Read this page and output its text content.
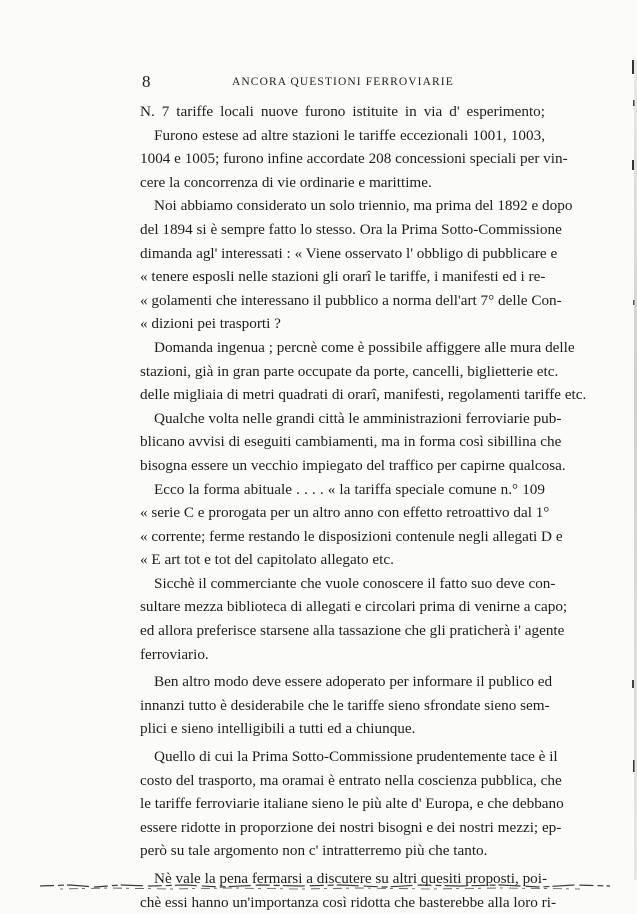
8	ANCORA QUESTIONI FERROVIARIE
N. 7 tariffe locali nuove furono istituite in via d' esperimento;
Furono estese ad altre stazioni le tariffe eccezionali 1001, 1003,
1004 e 1005; furono infine accordate 208 concessioni speciali per vin-
cere la concorrenza di vie ordinarie e marittime.
Noi abbiamo considerato un solo triennio, ma prima del 1892 e dopo
del 1894 si è sempre fatto lo stesso. Ora la Prima Sotto-Commissione
dimanda agl' interessati : « Viene osservato l' obbligo di pubblicare e
« tenere esposli nelle stazioni gli orarî le tariffe, i manifesti ed i re-
« golamenti che interessano il pubblico a norma dell'art 7° delle Con-
« dizioni pei trasporti ?
Domanda ingenua ; percnè come è possibile affiggere alle mura delle
stazioni, già in gran parte occupate da porte, cancelli, biglietterie etc.
delle migliaia di metri quadrati di orarî, manifesti, regolamenti tariffe etc.
Qualche volta nelle grandi città le amministrazioni ferroviarie pub-
blicano avvisi di eseguiti cambiamenti, ma in forma così sibillina che
bisogna essere un vecchio impiegato del traffico per capirne qualcosa.
Ecco la forma abituale . . . . « la tariffa speciale comune n.° 109
« serie C e prorogata per un altro anno con effetto retroattivo dal 1°
« corrente; ferme restando le disposizioni contenule negli allegati D e
« E art tot e tot del capitolato allegato etc.
Sicchè il commerciante che vuole conoscere il fatto suo deve con-
sultare mezza biblioteca di allegati e circolari prima di venirne a capo;
ed allora preferisce starsene alla tassazione che gli praticherà i' agente
ferroviario.
Ben altro modo deve essere adoperato per informare il publico ed
innanzi tutto è desiderabile che le tariffe sieno sfrondate sieno sem-
plici e sieno intelligibili a tutti ed a chiunque.
Quello di cui la Prima Sotto-Commissione prudentemente tace è il
costo del trasporto, ma oramai è entrato nella coscienza pubblica, che
le tariffe ferroviarie italiane sieno le più alte d' Europa, e che debbano
essere ridotte in proporzione dei nostri bisogni e dei nostri mezzi; ep-
però su tale argomento non c' intratterremo più che tanto.
Nè vale la pena fermarsi a discutere su altri quesiti proposti, poi-
chè essi hanno un'importanza così ridotta che basterebbe alla loro ri-
